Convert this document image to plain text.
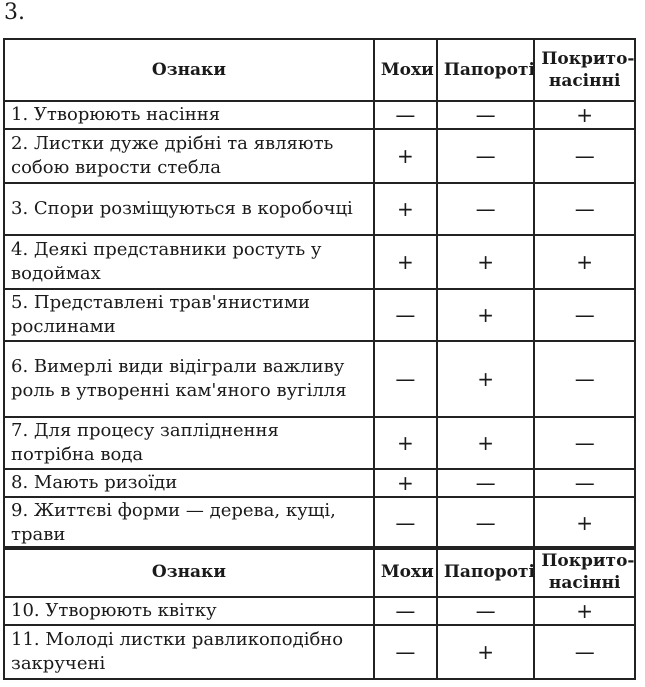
3.
Ознаки	Мохи	Папороті	Покрито-насінні
1. Утворюють насіння	—	—	+
2. Листки дуже дрібні та являють собою вирости стебла	+	—	—
3. Спори розміщуються в коробочці	+	—	—
4. Деякі представники ростуть у водоймах	+	+	+
5. Представлені трав'янистими рослинами	—	+	—
6. Вимерлі види відіграли важливу роль в утворенні кам'яного вугілля	—	+	—
7. Для процесу запліднення потрібна вода	+	+	—
8. Мають ризоїди	+	—	—
9. Життєві форми — дерева, кущі, трави	—	—	+
Ознаки	Мохи	Папороті	Покрито-насінні
10. Утворюють квітку	—	—	+
11. Молоді листки равликоподібно закручені	—	+	—
